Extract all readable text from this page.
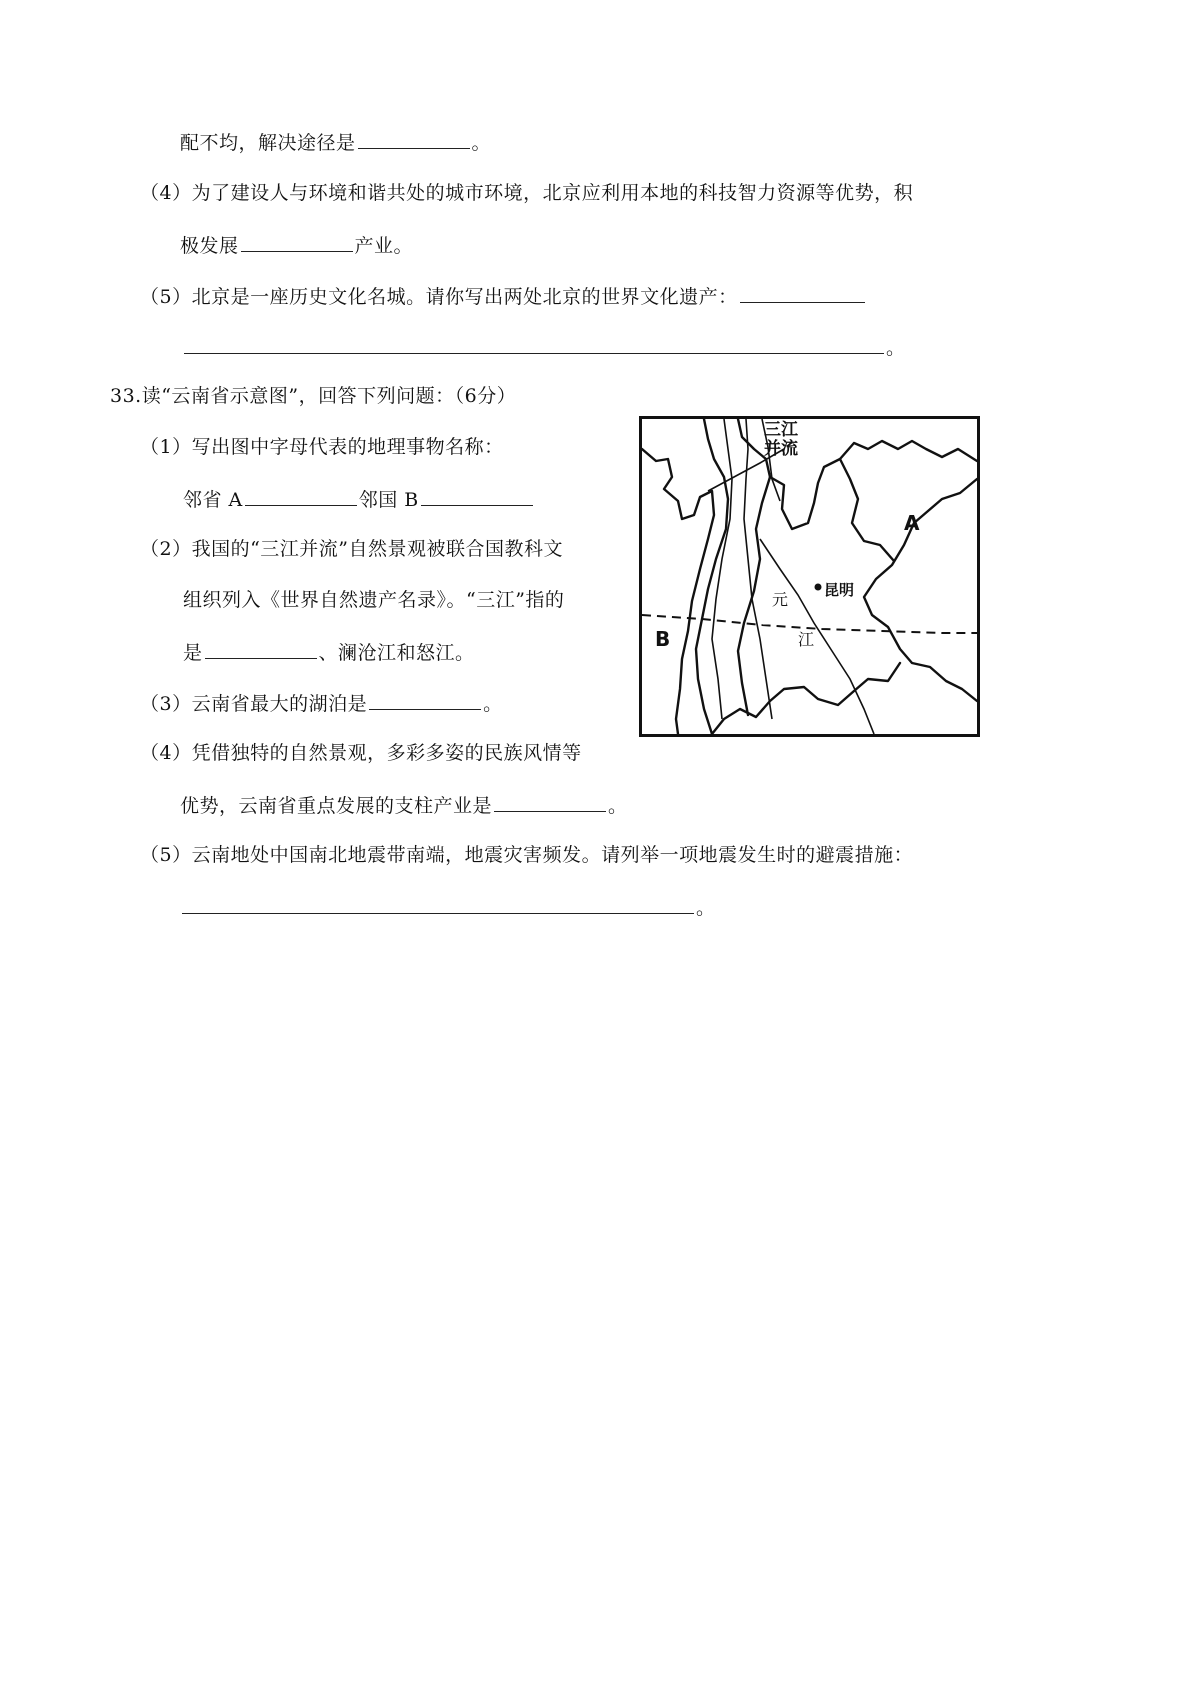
配不均，解决途径是	。
（4）为了建设人与环境和谐共处的城市环境，北京应利用本地的科技智力资源等优势，积
极发展	产业。
（5）北京是一座历史文化名城。请你写出两处北京的世界文化遗产：
。
33.读“云南省示意图”，回答下列问题：（6分）
（1）写出图中字母代表的地理事物名称：
邻省 A	邻国 B
（2）我国的“三江并流”自然景观被联合国教科文
组织列入《世界自然遗产名录》。“三江”指的
是	、澜沧江和怒江。
（3）云南省最大的湖泊是	。
（4）凭借独特的自然景观，多彩多姿的民族风情等
优势，云南省重点发展的支柱产业是	。
（5）云南地处中国南北地震带南端，地震灾害频发。请列举一项地震发生时的避震措施：
。
三江
并流
A
B
昆明
元
江
